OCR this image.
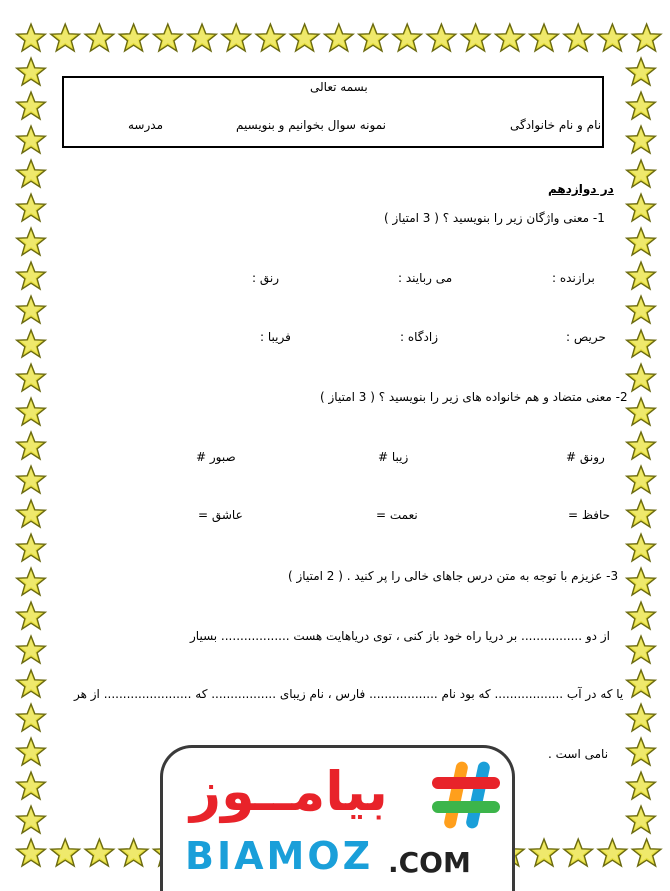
بسمه تعالی
نام و نام خانوادگی
نمونه سوال بخوانیم و بنویسیم
مدرسه
در دوازدهم
1- معنی واژگان زیر را بنویسید ؟ ( 3 امتیاز )
برازنده :
می ربایند :
رنق :
حریص :
زادگاه :
فریبا :
2- معنی متضاد و هم خانواده های زیر را بنویسید ؟ ( 3 امتیاز )
رونق #
زیبا #
صبور #
حافظ =
نعمت =
عاشق =
3- عزیزم با توجه به متن درس جاهای خالی را پر کنید . ( 2 امتیاز )
از دو ................ بر دریا راه خود باز کنی ، توی دریاهایت هست .................. بسیار
یا که در آب .................. که بود نام .................. فارس ، نام زیبای ................. که ....................... از هر
نامی است .
بیامــوز
BIAMOZ .COM
